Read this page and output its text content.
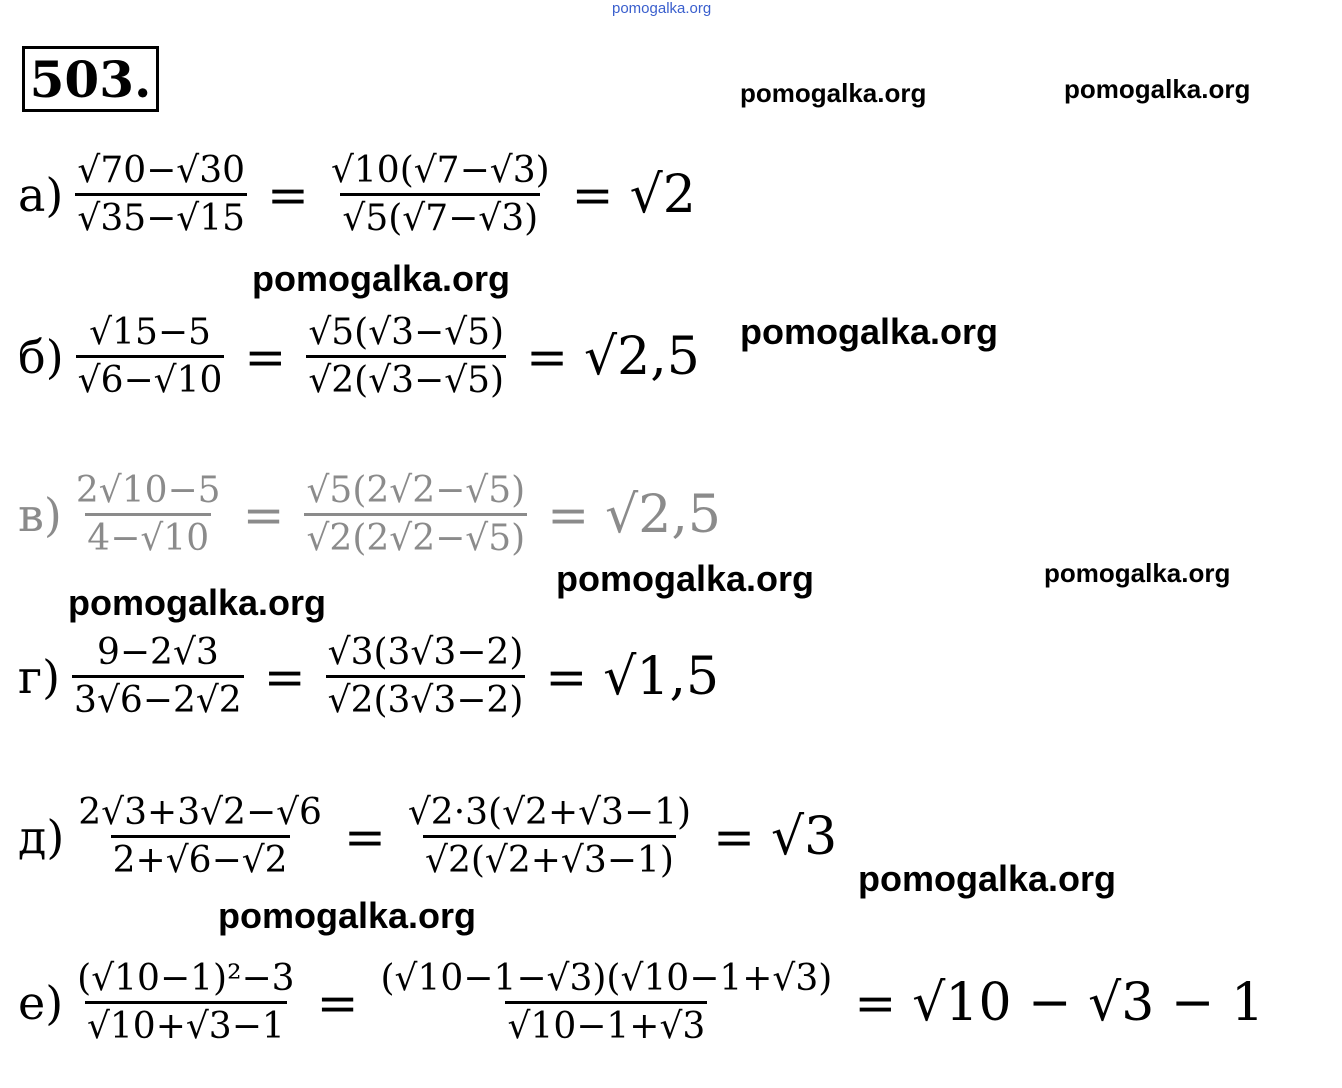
pomogalka.org
503.	pomogalka.org	pomogalka.org
$а) \frac{√70-√30}{√35-√15} = \frac{√10(√7-√3)}{√5(√7-√3)} = √2$
pomogalka.org
$б) \frac{√15-5}{√6-√10} = \frac{√5(√3-√5)}{√2(√3-√5)} = √2,5$ pomogalka.org
$в) \frac{2√10-5}{4-√10} = \frac{√5(2√2-√5)}{√2(2√2-√5)} = √2,5$
pomogalka.org	pomogalka.org
pomogalka.org
$г) \frac{9-2√3}{3√6-2√2} = \frac{√3(3√3-2)}{√2(3√3-2)} = √1,5$
$д) \frac{2√3+3√2-√6}{2+√6-√2} = \frac{√2\cdot 3(√2+√3-1)}{√2(√2+√3-1)} = √3$
pomogalka.org
pomogalka.org
$е) \frac{\text{(√10−1)²−3}}{√10+√3-1} = \frac{(√10-1-√3)(√10-1+√3)}{√10-1+√3} = √10 - √3 - 1$
